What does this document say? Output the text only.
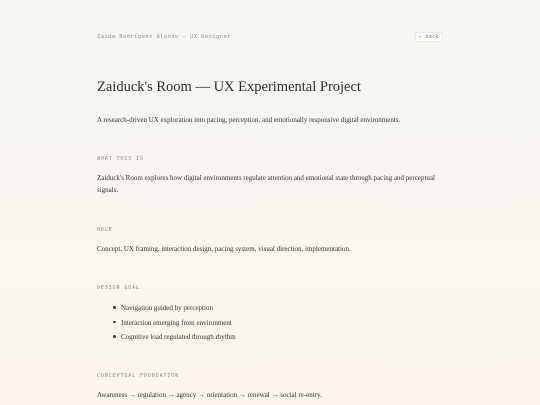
Zaida Rodríguez Alonso — UX Designer	← back
Zaiduck's Room — UX Experimental Project

A research-driven UX exploration into pacing, perception, and emotionally responsive digital environments.

WHAT THIS IS

Zaiduck's Room explores how digital environments regulate attention and emotional state through pacing and perceptual signals.

ROLE

Concept, UX framing, interaction design, pacing system, visual direction, implementation.

DESIGN GOAL

Navigation guided by perception
Interaction emerging from environment
Cognitive load regulated through rhythm

CONCEPTUAL FOUNDATION

Awareness → regulation → agency → orientation → renewal → social re-entry.
